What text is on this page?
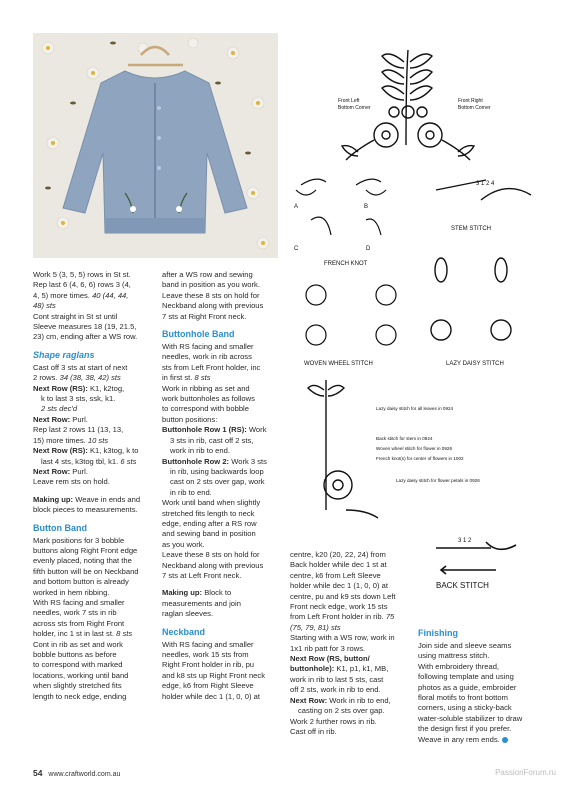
Front Left
Bottom Corner
Front Right
Bottom Corner
A	B
C	D
FRENCH KNOT
3 1 2 4
STEM STITCH
WOVEN WHEEL STITCH	LAZY DAISY STITCH
Lazy daisy stitch for all leaves in 0924
Back stitch for stem in 0924
Woven wheel stitch for flower in 0926
French knot(s) for center of flowers in 1002
Lazy daisy stitch for flower petals in 0926
3 1 2
BACK STITCH

Work 5 (3, 5, 5) rows in St st.

Rep last 6 (4, 6, 6) rows 3 (4,

4, 5) more times. 40 (44, 44,

48) sts

Cont straight in St st until

Sleeve measures 18 (19, 21.5,

23) cm, ending after a WS row.

Shape raglans

Cast off 3 sts at start of next

2 rows. 34 (38, 38, 42) sts

Next Row (RS): K1, k2tog,

k to last 3 sts, ssk, k1.

2 sts dec'd

Next Row: Purl.

Rep last 2 rows 11 (13, 13,

15) more times. 10 sts

Next Row (RS): K1, k3tog, k to

last 4 sts, k3tog tbl, k1. 6 sts

Next Row: Purl.

Leave rem sts on hold.

Making up: Weave in ends and

block pieces to measurements.

Button Band

Mark positions for 3 bobble

buttons along Right Front edge

evenly placed, noting that the

fifth button will be on Neckband

and bottom button is already

worked in hem ribbing.

With RS facing and smaller

needles, work 7 sts in rib

across sts from Right Front

holder, inc 1 st in last st. 8 sts

Cont in rib as set and work

bobble buttons as before

to correspond with marked

locations, working until band

when slightly stretched fits

length to neck edge, ending

after a WS row and sewing

band in position as you work.

Leave these 8 sts on hold for

Neckband along with previous

7 sts at Right Front neck.

Buttonhole Band

With RS facing and smaller

needles, work in rib across

sts from Left Front holder, inc

in first st. 8 sts

Work in ribbing as set and

work buttonholes as follows

to correspond with bobble

button positions:

Buttonhole Row 1 (RS): Work

3 sts in rib, cast off 2 sts,

work in rib to end.

Buttonhole Row 2: Work 3 sts

in rib, using backwards loop

cast on 2 sts over gap, work

in rib to end.

Work until band when slightly

stretched fits length to neck

edge, ending after a RS row

and sewing band in position

as you work.

Leave these 8 sts on hold for

Neckband along with previous

7 sts at Left Front neck.

Making up: Block to

measurements and join

raglan sleeves.

Neckband

With RS facing and smaller

needles, work 15 sts from

Right Front holder in rib, pu

and k8 sts up Right Front neck

edge, k6 from Right Sleeve

holder while dec 1 (1, 0, 0) at

centre, k20 (20, 22, 24) from

Back holder while dec 1 st at

centre, k6 from Left Sleeve

holder while dec 1 (1, 0, 0) at

centre, pu and k9 sts down Left

Front neck edge, work 15 sts

from Left Front holder in rib. 75

(75, 79, 81) sts

Starting with a WS row, work in

1x1 rib patt for 3 rows.

Next Row (RS, button/

buttonhole): K1, p1, k1, MB,

work in rib to last 5 sts, cast

off 2 sts, work in rib to end.

Next Row: Work in rib to end,

casting on 2 sts over gap.

Work 2 further rows in rib.

Cast off in rib.

Finishing

Join side and sleeve seams

using mattress stitch.

With embroidery thread,

following template and using

photos as a guide, embroider

floral motifs to front bottom

corners, using a sticky-back

water-soluble stabilizer to draw

the design first if you prefer.

Weave in any rem ends.

54 www.craftworld.com.au	PassionForum.ru
